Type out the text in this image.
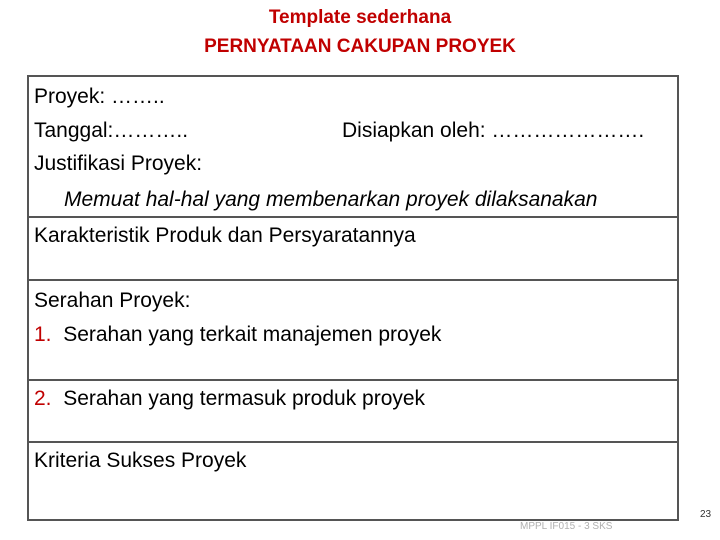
Template sederhana
PERNYATAAN CAKUPAN PROYEK
Proyek: ……..
Tanggal:………..	Disiapkan oleh: ………………….
Justifikasi Proyek:
Memuat hal-hal yang membenarkan proyek dilaksanakan
Karakteristik Produk dan Persyaratannya
Serahan Proyek:
1. Serahan yang terkait manajemen proyek
2. Serahan yang termasuk produk proyek
Kriteria Sukses Proyek
MPPL IF015 - 3 SKS
23
